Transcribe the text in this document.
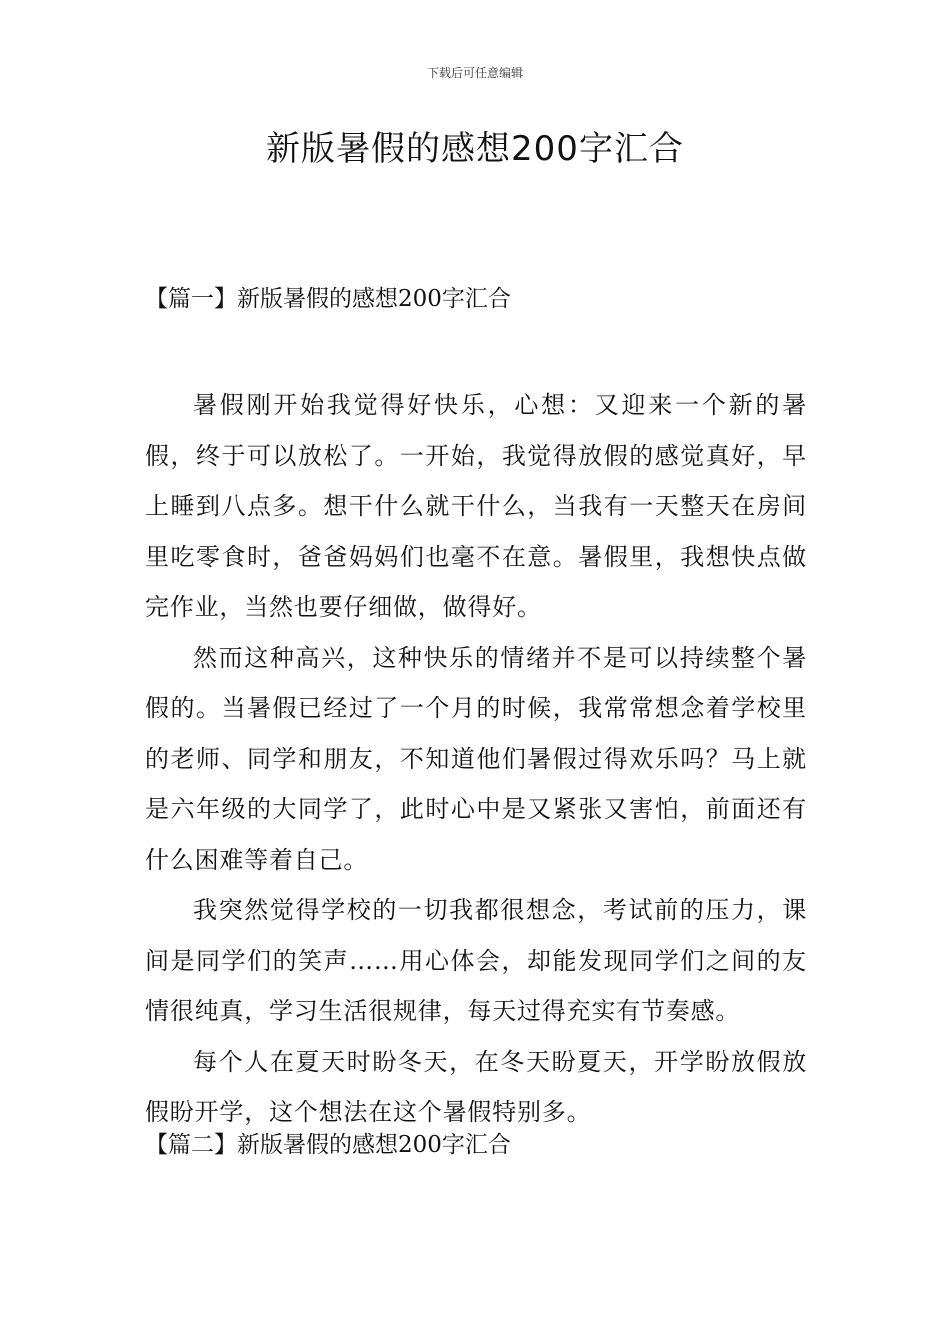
下载后可任意编辑
新版暑假的感想200字汇合
【篇一】新版暑假的感想200字汇合

暑假刚开始我觉得好快乐，心想：又迎来一个新的暑假，终于可以放松了。一开始，我觉得放假的感觉真好，早上睡到八点多。想干什么就干什么，当我有一天整天在房间里吃零食时，爸爸妈妈们也毫不在意。暑假里，我想快点做完作业，当然也要仔细做，做得好。

然而这种高兴，这种快乐的情绪并不是可以持续整个暑假的。当暑假已经过了一个月的时候，我常常想念着学校里的老师、同学和朋友，不知道他们暑假过得欢乐吗？马上就是六年级的大同学了，此时心中是又紧张又害怕，前面还有什么困难等着自己。

我突然觉得学校的一切我都很想念，考试前的压力，课间是同学们的笑声……用心体会，却能发现同学们之间的友情很纯真，学习生活很规律，每天过得充实有节奏感。

每个人在夏天时盼冬天，在冬天盼夏天，开学盼放假放假盼开学，这个想法在这个暑假特别多。

【篇二】新版暑假的感想200字汇合
